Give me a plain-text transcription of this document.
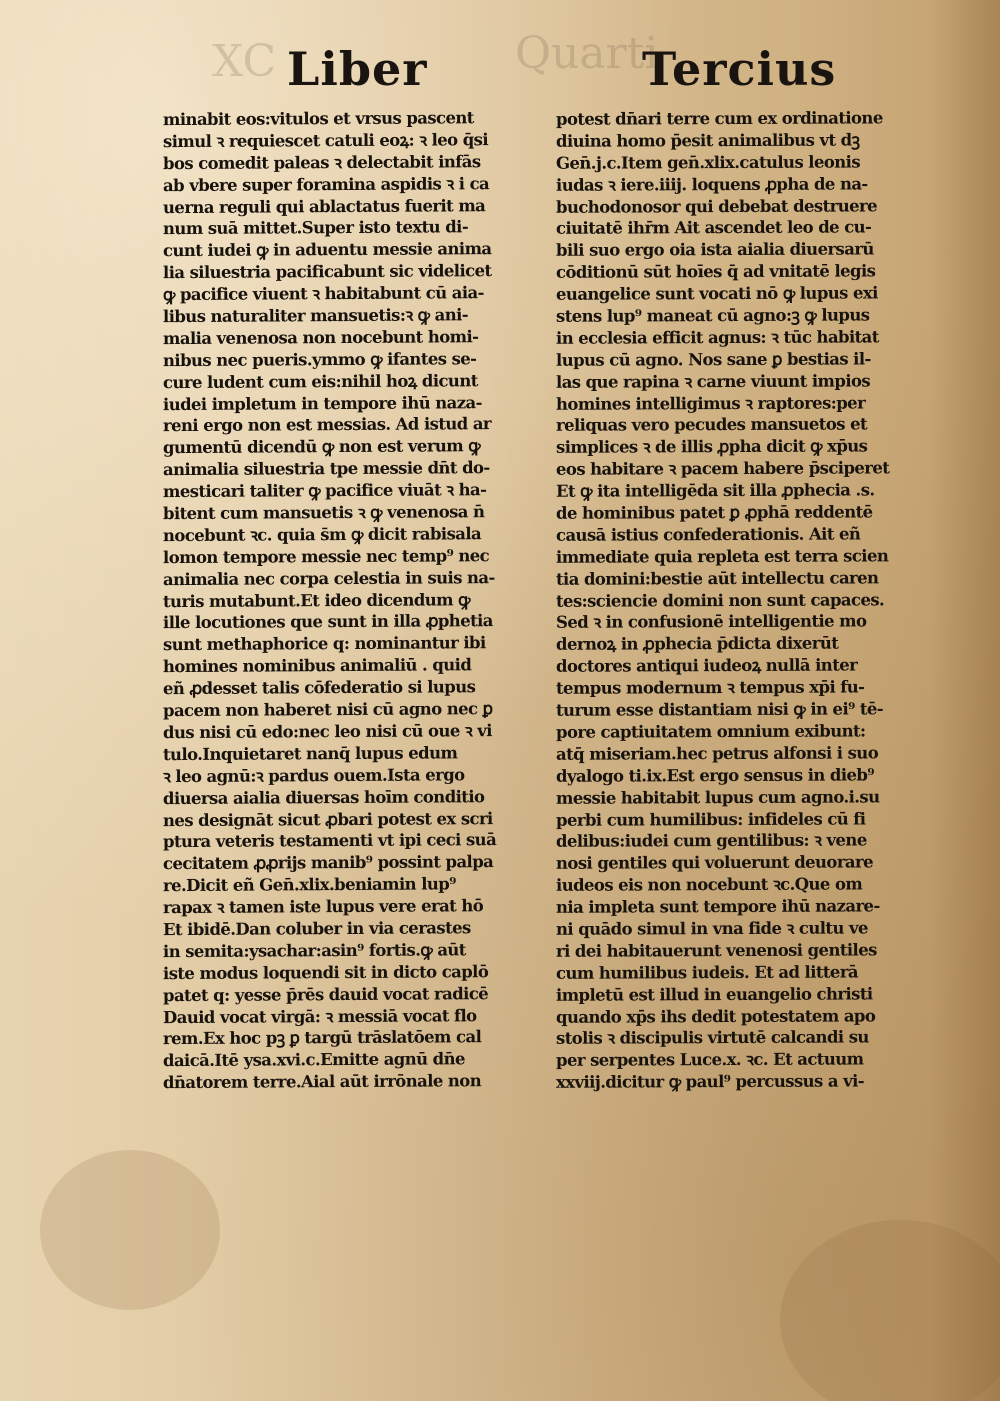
XC	Quarti
Liber	Tercius
minabit eos:vitulos et vrsus pascent
simul ꝛ requiescet catuli eoꝝ: ꝛ leo q̄si
bos comedit paleas ꝛ delectabit infās
ab vbere super foramina aspidis ꝛ i ca
uerna reguli qui ablactatus fuerit ma
num suā mittet.Super isto textu di-
cunt iudei ꝙ in aduentu messie anima
lia siluestria pacificabunt sic videlicet
ꝙ pacifice viuent ꝛ habitabunt cū aia-
libus naturaliter mansuetis:ꝛ ꝙ ani-
malia venenosa non nocebunt homi-
nibus nec pueris.ymmo ꝙ ifantes se-
cure ludent cum eis:nihil hoꝝ dicunt
iudei impletum in tempore ihū naza-
reni ergo non est messias. Ad istud ar
gumentū dicendū ꝙ non est verum ꝙ
animalia siluestria tpe messie dn̄t do-
mesticari taliter ꝙ pacifice viuāt ꝛ ha-
bitent cum mansuetis ꝛ ꝙ venenosa n̄
nocebunt ꝛc. quia s̄m ꝙ dicit rabisala
lomon tempore messie nec temp⁹ nec
animalia nec corpa celestia in suis na-
turis mutabunt.Et ideo dicendum ꝙ
ille locutiones que sunt in illa ꝓphetia
sunt methaphorice q: nominantur ibi
homines nominibus animaliū . quid
eñ ꝓdesset talis cōfederatio si lupus
pacem non haberet nisi cū agno nec ꝑ
dus nisi cū edo:nec leo nisi cū oue ꝛ vi
tulo.Inquietaret nanq̄ lupus edum
ꝛ leo agnū:ꝛ pardus ouem.Ista ergo
diuersa aialia diuersas hoīm conditio
nes designāt sicut ꝓbari potest ex scri
ptura veteris testamenti vt ipi ceci suā
cecitatem ꝓꝓrijs manib⁹ possint palpa
re.Dicit eñ Gen̄.xlix.beniamin lup⁹
rapax ꝛ tamen iste lupus vere erat hō
Et ibidē.Dan coluber in via cerastes
in semita:ysachar:asin⁹ fortis.ꝙ aūt
iste modus loquendi sit in dicto caplō
patet q: yesse p̄rēs dauid vocat radicē
Dauid vocat virgā: ꝛ messiā vocat flo
rem.Ex hoc pꝫ ꝑ targū trāslatōem cal
daicā.Itē ysa.xvi.c.Emitte agnū dn̄e
dn̄atorem terre.Aial aūt irrōnale non
potest dn̄ari terre cum ex ordinatione
diuina homo p̄esit animalibus vt dꝫ
Gen̄.j.c.Item gen̄.xlix.catulus leonis
iudas ꝛ iere.iiij. loquens ꝓpha de na-
buchodonosor qui debebat destruere
ciuitatē ihr̄m Ait ascendet leo de cu-
bili suo ergo oia ista aialia diuersarū
cōditionū sūt hoīes q̄ ad vnitatē legis
euangelice sunt vocati nō ꝙ lupus exi
stens lup⁹ maneat cū agno:ꝫ ꝙ lupus
in ecclesia efficit agnus: ꝛ tūc habitat
lupus cū agno. Nos sane ꝑ bestias il-
las que rapina ꝛ carne viuunt impios
homines intelligimus ꝛ raptores:per
reliquas vero pecudes mansuetos et
simplices ꝛ de illis ꝓpha dicit ꝙ xp̄us
eos habitare ꝛ pacem habere p̄sciperet
Et ꝙ ita intelligēda sit illa ꝓphecia .s.
de hominibus patet ꝑ ꝓphā reddentē
causā istius confederationis. Ait eñ
immediate quia repleta est terra scien
tia domini:bestie aūt intellectu caren
tes:sciencie domini non sunt capaces.
Sed ꝛ in confusionē intelligentie mo
dernoꝝ in ꝓphecia p̄dicta dixerūt
doctores antiqui iudeoꝝ nullā inter
tempus modernum ꝛ tempus xp̄i fu-
turum esse distantiam nisi ꝙ in ei⁹ tē-
pore captiuitatem omnium exibunt:
atq̄ miseriam.hec petrus alfonsi i suo
dyalogo ti.ix.Est ergo sensus in dieb⁹
messie habitabit lupus cum agno.i.su
perbi cum humilibus: infideles cū fi
delibus:iudei cum gentilibus: ꝛ vene
nosi gentiles qui voluerunt deuorare
iudeos eis non nocebunt ꝛc.Que om
nia impleta sunt tempore ihū nazare-
ni quādo simul in vna fide ꝛ cultu ve
ri dei habitauerunt venenosi gentiles
cum humilibus iudeis. Et ad litterā
impletū est illud in euangelio christi
quando xp̄s ihs dedit potestatem apo
stolis ꝛ discipulis virtutē calcandi su
per serpentes Luce.x. ꝛc. Et actuum
xxviij.dicitur ꝙ paul⁹ percussus a vi-
